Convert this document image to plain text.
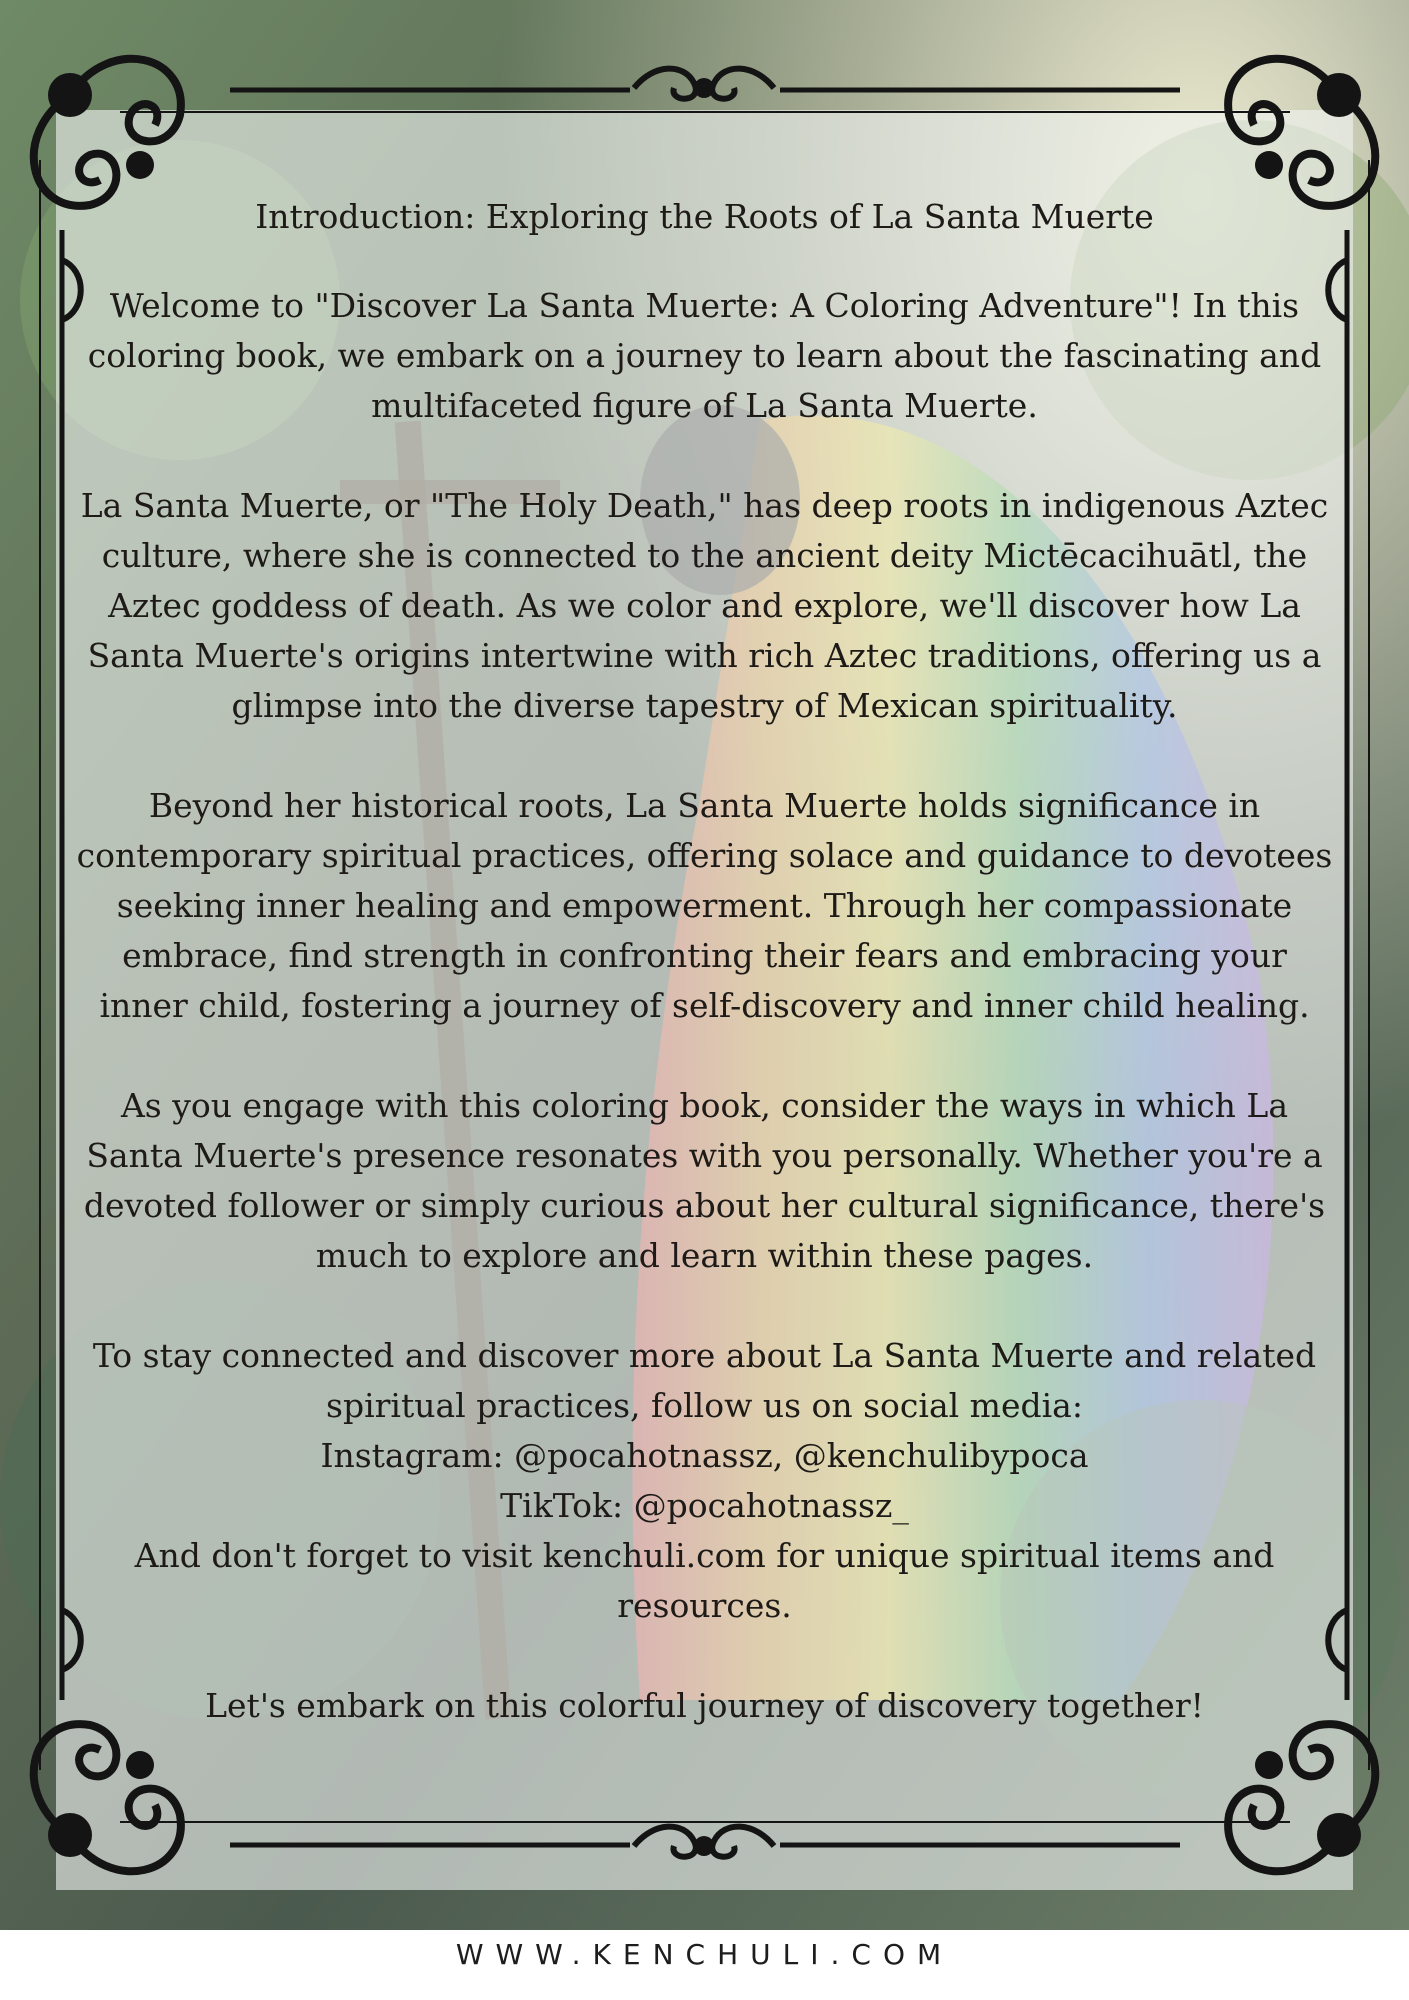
Introduction: Exploring the Roots of La Santa Muerte
Welcome to "Discover La Santa Muerte: A Coloring Adventure"! In this
coloring book, we embark on a journey to learn about the fascinating and
multifaceted figure of La Santa Muerte.
La Santa Muerte, or "The Holy Death," has deep roots in indigenous Aztec
culture, where she is connected to the ancient deity Mictēcacihuātl, the
Aztec goddess of death. As we color and explore, we'll discover how La
Santa Muerte's origins intertwine with rich Aztec traditions, offering us a
glimpse into the diverse tapestry of Mexican spirituality.
Beyond her historical roots, La Santa Muerte holds significance in
contemporary spiritual practices, offering solace and guidance to devotees
seeking inner healing and empowerment. Through her compassionate
embrace, find strength in confronting their fears and embracing your
inner child, fostering a journey of self-discovery and inner child healing.
As you engage with this coloring book, consider the ways in which La
Santa Muerte's presence resonates with you personally. Whether you're a
devoted follower or simply curious about her cultural significance, there's
much to explore and learn within these pages.
To stay connected and discover more about La Santa Muerte and related
spiritual practices, follow us on social media:
Instagram: @pocahotnassz, @kenchulibypoca
TikTok: @pocahotnassz_
And don't forget to visit kenchuli.com for unique spiritual items and
resources.
Let's embark on this colorful journey of discovery together!
WWW.KENCHULI.COM
